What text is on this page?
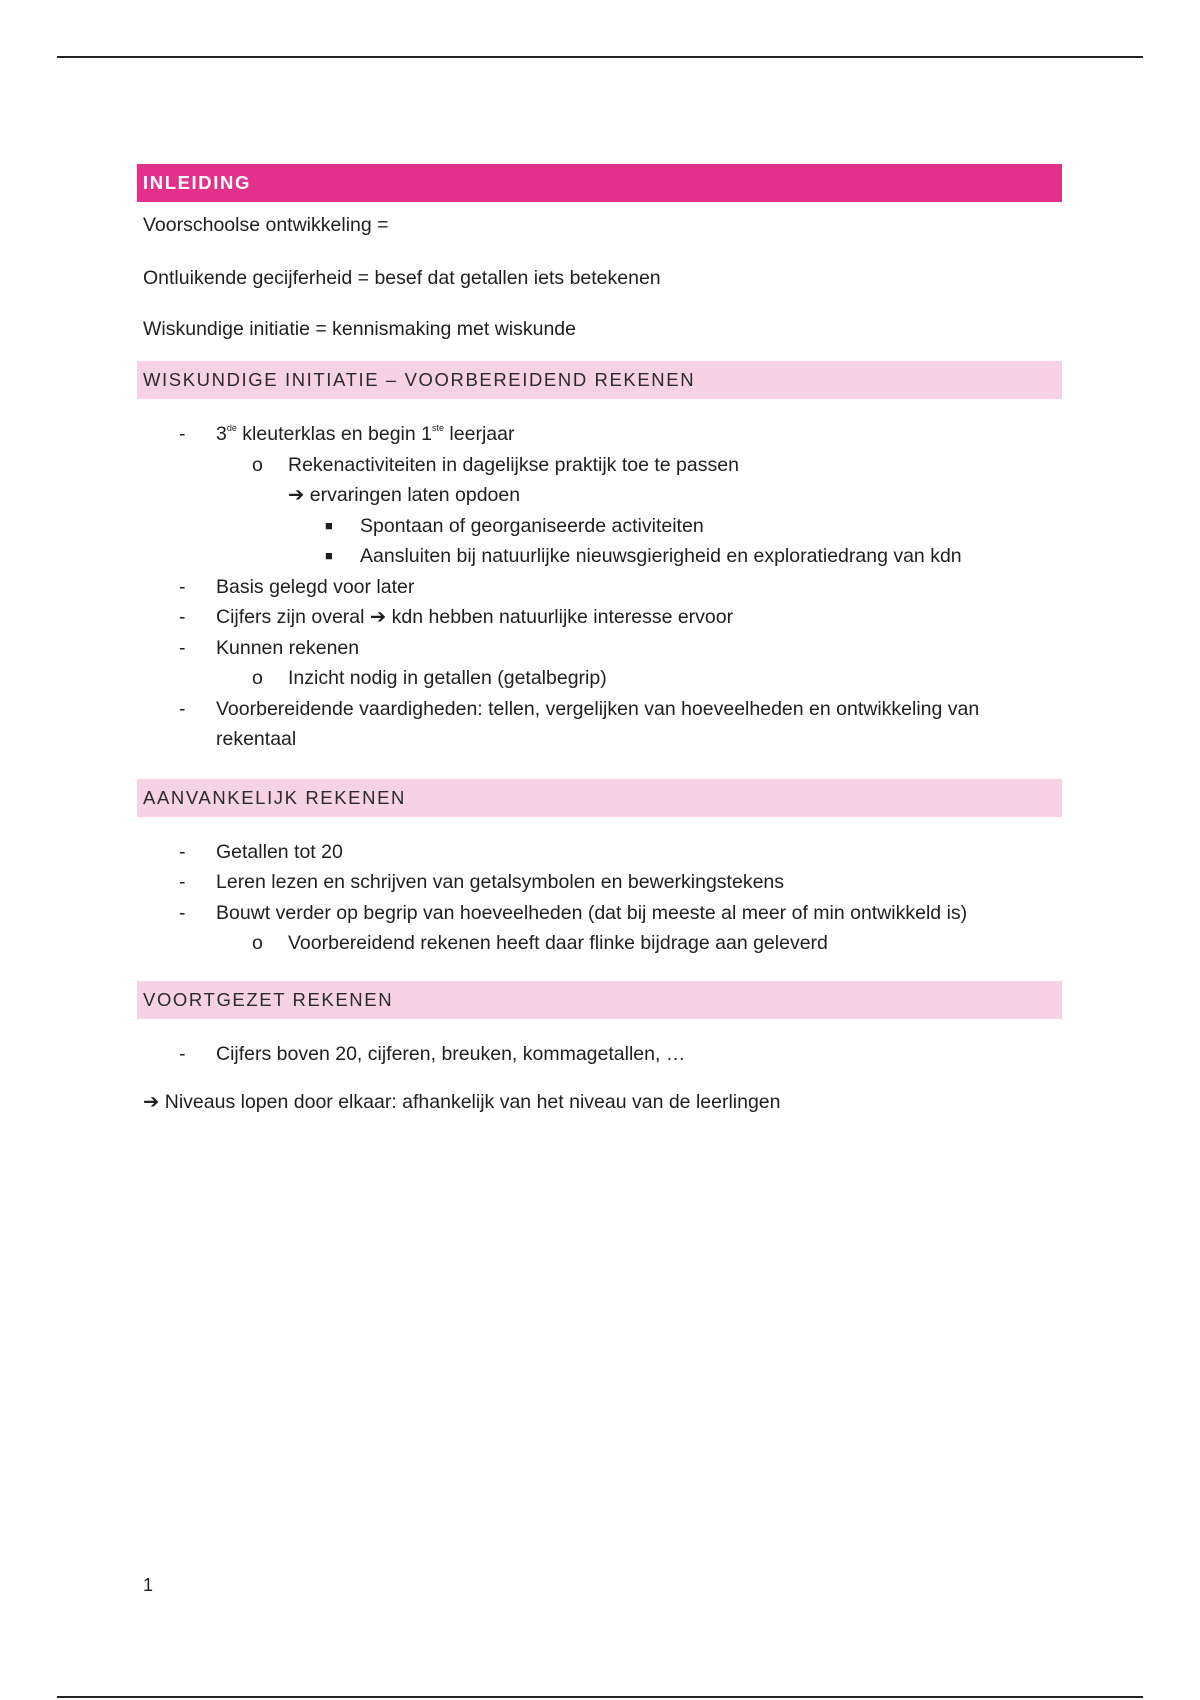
INLEIDING
Voorschoolse ontwikkeling =
Ontluikende gecijferheid = besef dat getallen iets betekenen
Wiskundige initiatie = kennismaking met wiskunde
WISKUNDIGE INITIATIE – VOORBEREIDEND REKENEN
- 3de kleuterklas en begin 1ste leerjaar
o Rekenactiviteiten in dagelijkse praktijk toe te passen
➔ ervaringen laten opdoen
■ Spontaan of georganiseerde activiteiten
■ Aansluiten bij natuurlijke nieuwsgierigheid en exploratiedrang van kdn
- Basis gelegd voor later
- Cijfers zijn overal ➔ kdn hebben natuurlijke interesse ervoor
- Kunnen rekenen
o Inzicht nodig in getallen (getalbegrip)
- Voorbereidende vaardigheden: tellen, vergelijken van hoeveelheden en ontwikkeling van rekentaal
AANVANKELIJK REKENEN
- Getallen tot 20
- Leren lezen en schrijven van getalsymbolen en bewerkingstekens
- Bouwt verder op begrip van hoeveelheden (dat bij meeste al meer of min ontwikkeld is)
o Voorbereidend rekenen heeft daar flinke bijdrage aan geleverd
VOORTGEZET REKENEN
- Cijfers boven 20, cijferen, breuken, kommagetallen, …
➔ Niveaus lopen door elkaar: afhankelijk van het niveau van de leerlingen
1
